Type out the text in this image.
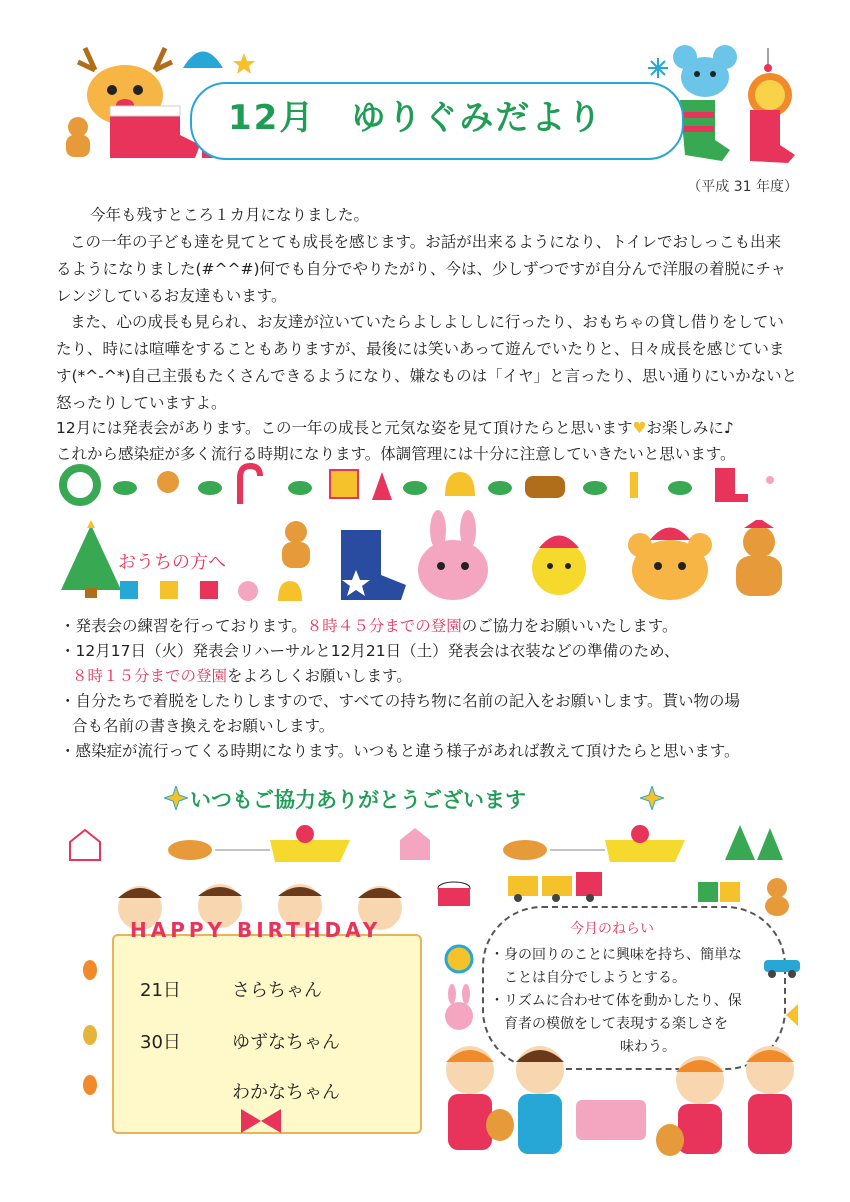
12月　ゆりぐみだより
（平成 31 年度）
今年も残すところ１カ月になりました。
この一年の子ども達を見てとても成長を感じます。お話が出来るようになり、トイレでおしっこも出来
るようになりました(#^^#)何でも自分でやりたがり、今は、少しずつですが自分んで洋服の着脱にチャ
レンジしているお友達もいます。
また、心の成長も見られ、お友達が泣いていたらよしよししに行ったり、おもちゃの貸し借りをしてい
たり、時には喧嘩をすることもありますが、最後には笑いあって遊んでいたりと、日々成長を感じていま
す(*^-^*)自己主張もたくさんできるようになり、嫌なものは「イヤ」と言ったり、思い通りにいかないと
怒ったりしていますよ。
12月には発表会があります。この一年の成長と元気な姿を見て頂けたらと思います♥お楽しみに♪
これから感染症が多く流行る時期になります。体調管理には十分に注意していきたいと思います。
おうちの方へ
・発表会の練習を行っております。８時４５分までの登園のご協力をお願いいたします。
・12月17日（火）発表会リハーサルと12月21日（土）発表会は衣装などの準備のため、
８時１５分までの登園をよろしくお願いします。
・自分たちで着脱をしたりしますので、すべての持ち物に名前の記入をお願いします。貰い物の場
合も名前の書き換えをお願いします。
・感染症が流行ってくる時期になります。いつもと違う様子があれば教えて頂けたらと思います。
いつもご協力ありがとうございます
HAPPY BIRTHDAY
21日	さらちゃん
30日	ゆずなちゃん
わかなちゃん
今月のねらい
・身の回りのことに興味を持ち、簡単な
ことは自分でしようとする。
・リズムに合わせて体を動かしたり、保
育者の模倣をして表現する楽しさを
味わう。
